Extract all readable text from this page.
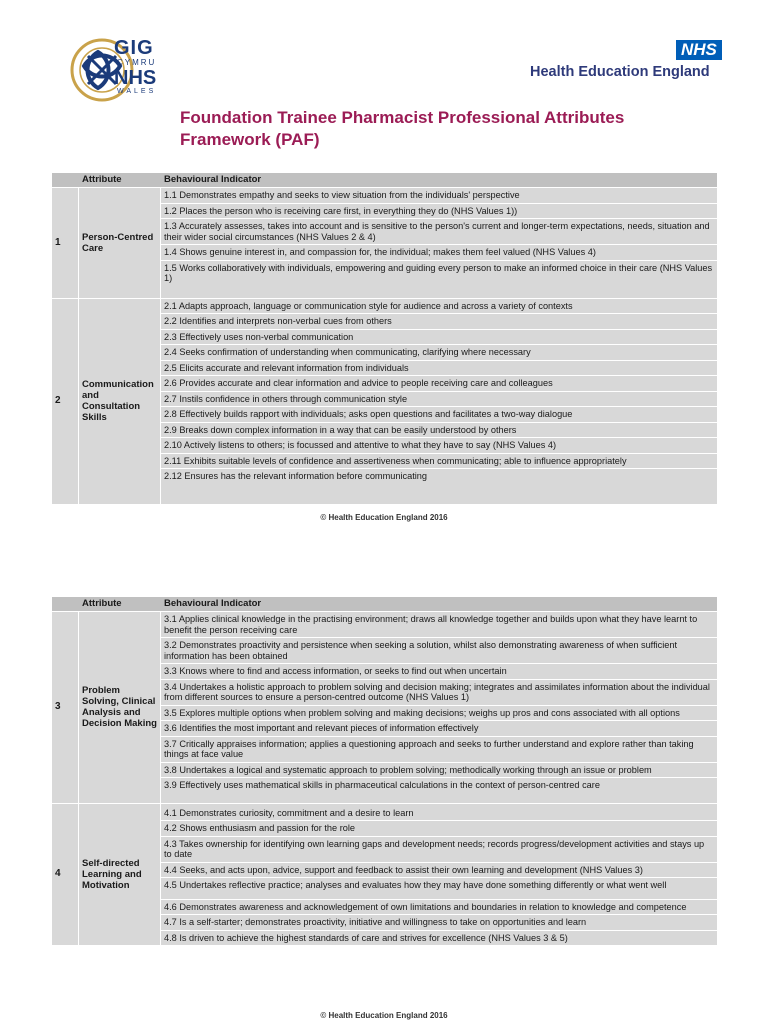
GIG
CYMRU
NHS
WALES
NHS
Health Education England
Foundation Trainee Pharmacist Professional Attributes Framework (PAF)
	Attribute	Behavioural Indicator
1	Person-Centred Care	1.1 Demonstrates empathy and seeks to view situation from the individuals' perspective
		1.2 Places the person who is receiving care first, in everything they do (NHS Values 1))
		1.3 Accurately assesses, takes into account and is sensitive to the person's current and longer-term expectations, needs, situation and their wider social circumstances (NHS Values 2 & 4)
		1.4 Shows genuine interest in, and compassion for, the individual; makes them feel valued (NHS Values 4)
		1.5 Works collaboratively with individuals, empowering and guiding every person to make an informed choice in their care (NHS Values 1)
2	Communication and Consultation Skills	2.1 Adapts approach, language or communication style for audience and across a variety of contexts
		2.2 Identifies and interprets non-verbal cues from others
		2.3 Effectively uses non-verbal communication
		2.4 Seeks confirmation of understanding when communicating, clarifying where necessary
		2.5 Elicits accurate and relevant information from individuals
		2.6 Provides accurate and clear information and advice to people receiving care and colleagues
		2.7 Instils confidence in others through communication style
		2.8 Effectively builds rapport with individuals; asks open questions and facilitates a two-way dialogue
		2.9 Breaks down complex information in a way that can be easily understood by others
		2.10 Actively listens to others; is focussed and attentive to what they have to say (NHS Values 4)
		2.11 Exhibits suitable levels of confidence and assertiveness when communicating; able to influence appropriately
		2.12 Ensures has the relevant information before communicating
© Health Education England 2016
	Attribute	Behavioural Indicator
3	Problem Solving, Clinical Analysis and Decision Making	3.1 Applies clinical knowledge in the practising environment; draws all knowledge together and builds upon what they have learnt to benefit the person receiving care
		3.2 Demonstrates proactivity and persistence when seeking a solution, whilst also demonstrating awareness of when sufficient information has been obtained
		3.3 Knows where to find and access information, or seeks to find out when uncertain
		3.4 Undertakes a holistic approach to problem solving and decision making; integrates and assimilates information about the individual from different sources to ensure a person-centred outcome (NHS Values 1)
		3.5 Explores multiple options when problem solving and making decisions; weighs up pros and cons associated with all options
		3.6 Identifies the most important and relevant pieces of information effectively
		3.7 Critically appraises information; applies a questioning approach and seeks to further understand and explore rather than taking things at face value
		3.8 Undertakes a logical and systematic approach to problem solving; methodically working through an issue or problem
		3.9 Effectively uses mathematical skills in pharmaceutical calculations in the context of person-centred care
4	Self-directed Learning and Motivation	4.1 Demonstrates curiosity, commitment and a desire to learn
		4.2 Shows enthusiasm and passion for the role
		4.3 Takes ownership for identifying own learning gaps and development needs; records progress/development activities and stays up to date
		4.4 Seeks, and acts upon, advice, support and feedback to assist their own learning and development (NHS Values 3)
		4.5 Undertakes reflective practice; analyses and evaluates how they may have done something differently or what went well
		4.6 Demonstrates awareness and acknowledgement of own limitations and boundaries in relation to knowledge and competence
		4.7 Is a self-starter; demonstrates proactivity, initiative and willingness to take on opportunities and learn
		4.8 Is driven to achieve the highest standards of care and strives for excellence (NHS Values 3 & 5)
© Health Education England 2016
